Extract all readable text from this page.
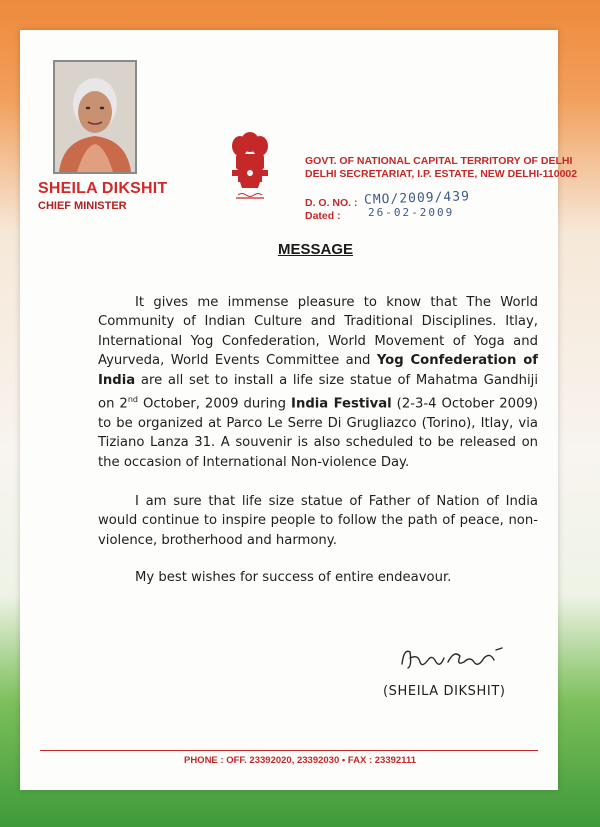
SHEILA DIKSHIT
CHIEF MINISTER
GOVT. OF NATIONAL CAPITAL TERRITORY OF DELHI
DELHI SECRETARIAT, I.P. ESTATE, NEW DELHI-110002
D. O. NO. : CMO/2009/439
Dated : 26-02-2009
MESSAGE

It gives me immense pleasure to know that The World Community of Indian Culture and Traditional Disciplines. Itlay, International Yog Confederation, World Movement of Yoga and Ayurveda, World Events Committee and Yog Confederation of India are all set to install a life size statue of Mahatma Gandhiji on 2nd October, 2009 during India Festival (2-3-4 October 2009) to be organized at Parco Le Serre Di Grugliazco (Torino), Itlay, via Tiziano Lanza 31. A souvenir is also scheduled to be released on the occasion of International Non-violence Day.

I am sure that life size statue of Father of Nation of India would continue to inspire people to follow the path of peace, non-violence, brotherhood and harmony.

My best wishes for success of entire endeavour.

(SHEILA DIKSHIT)
PHONE : OFF. 23392020, 23392030 • FAX : 23392111
